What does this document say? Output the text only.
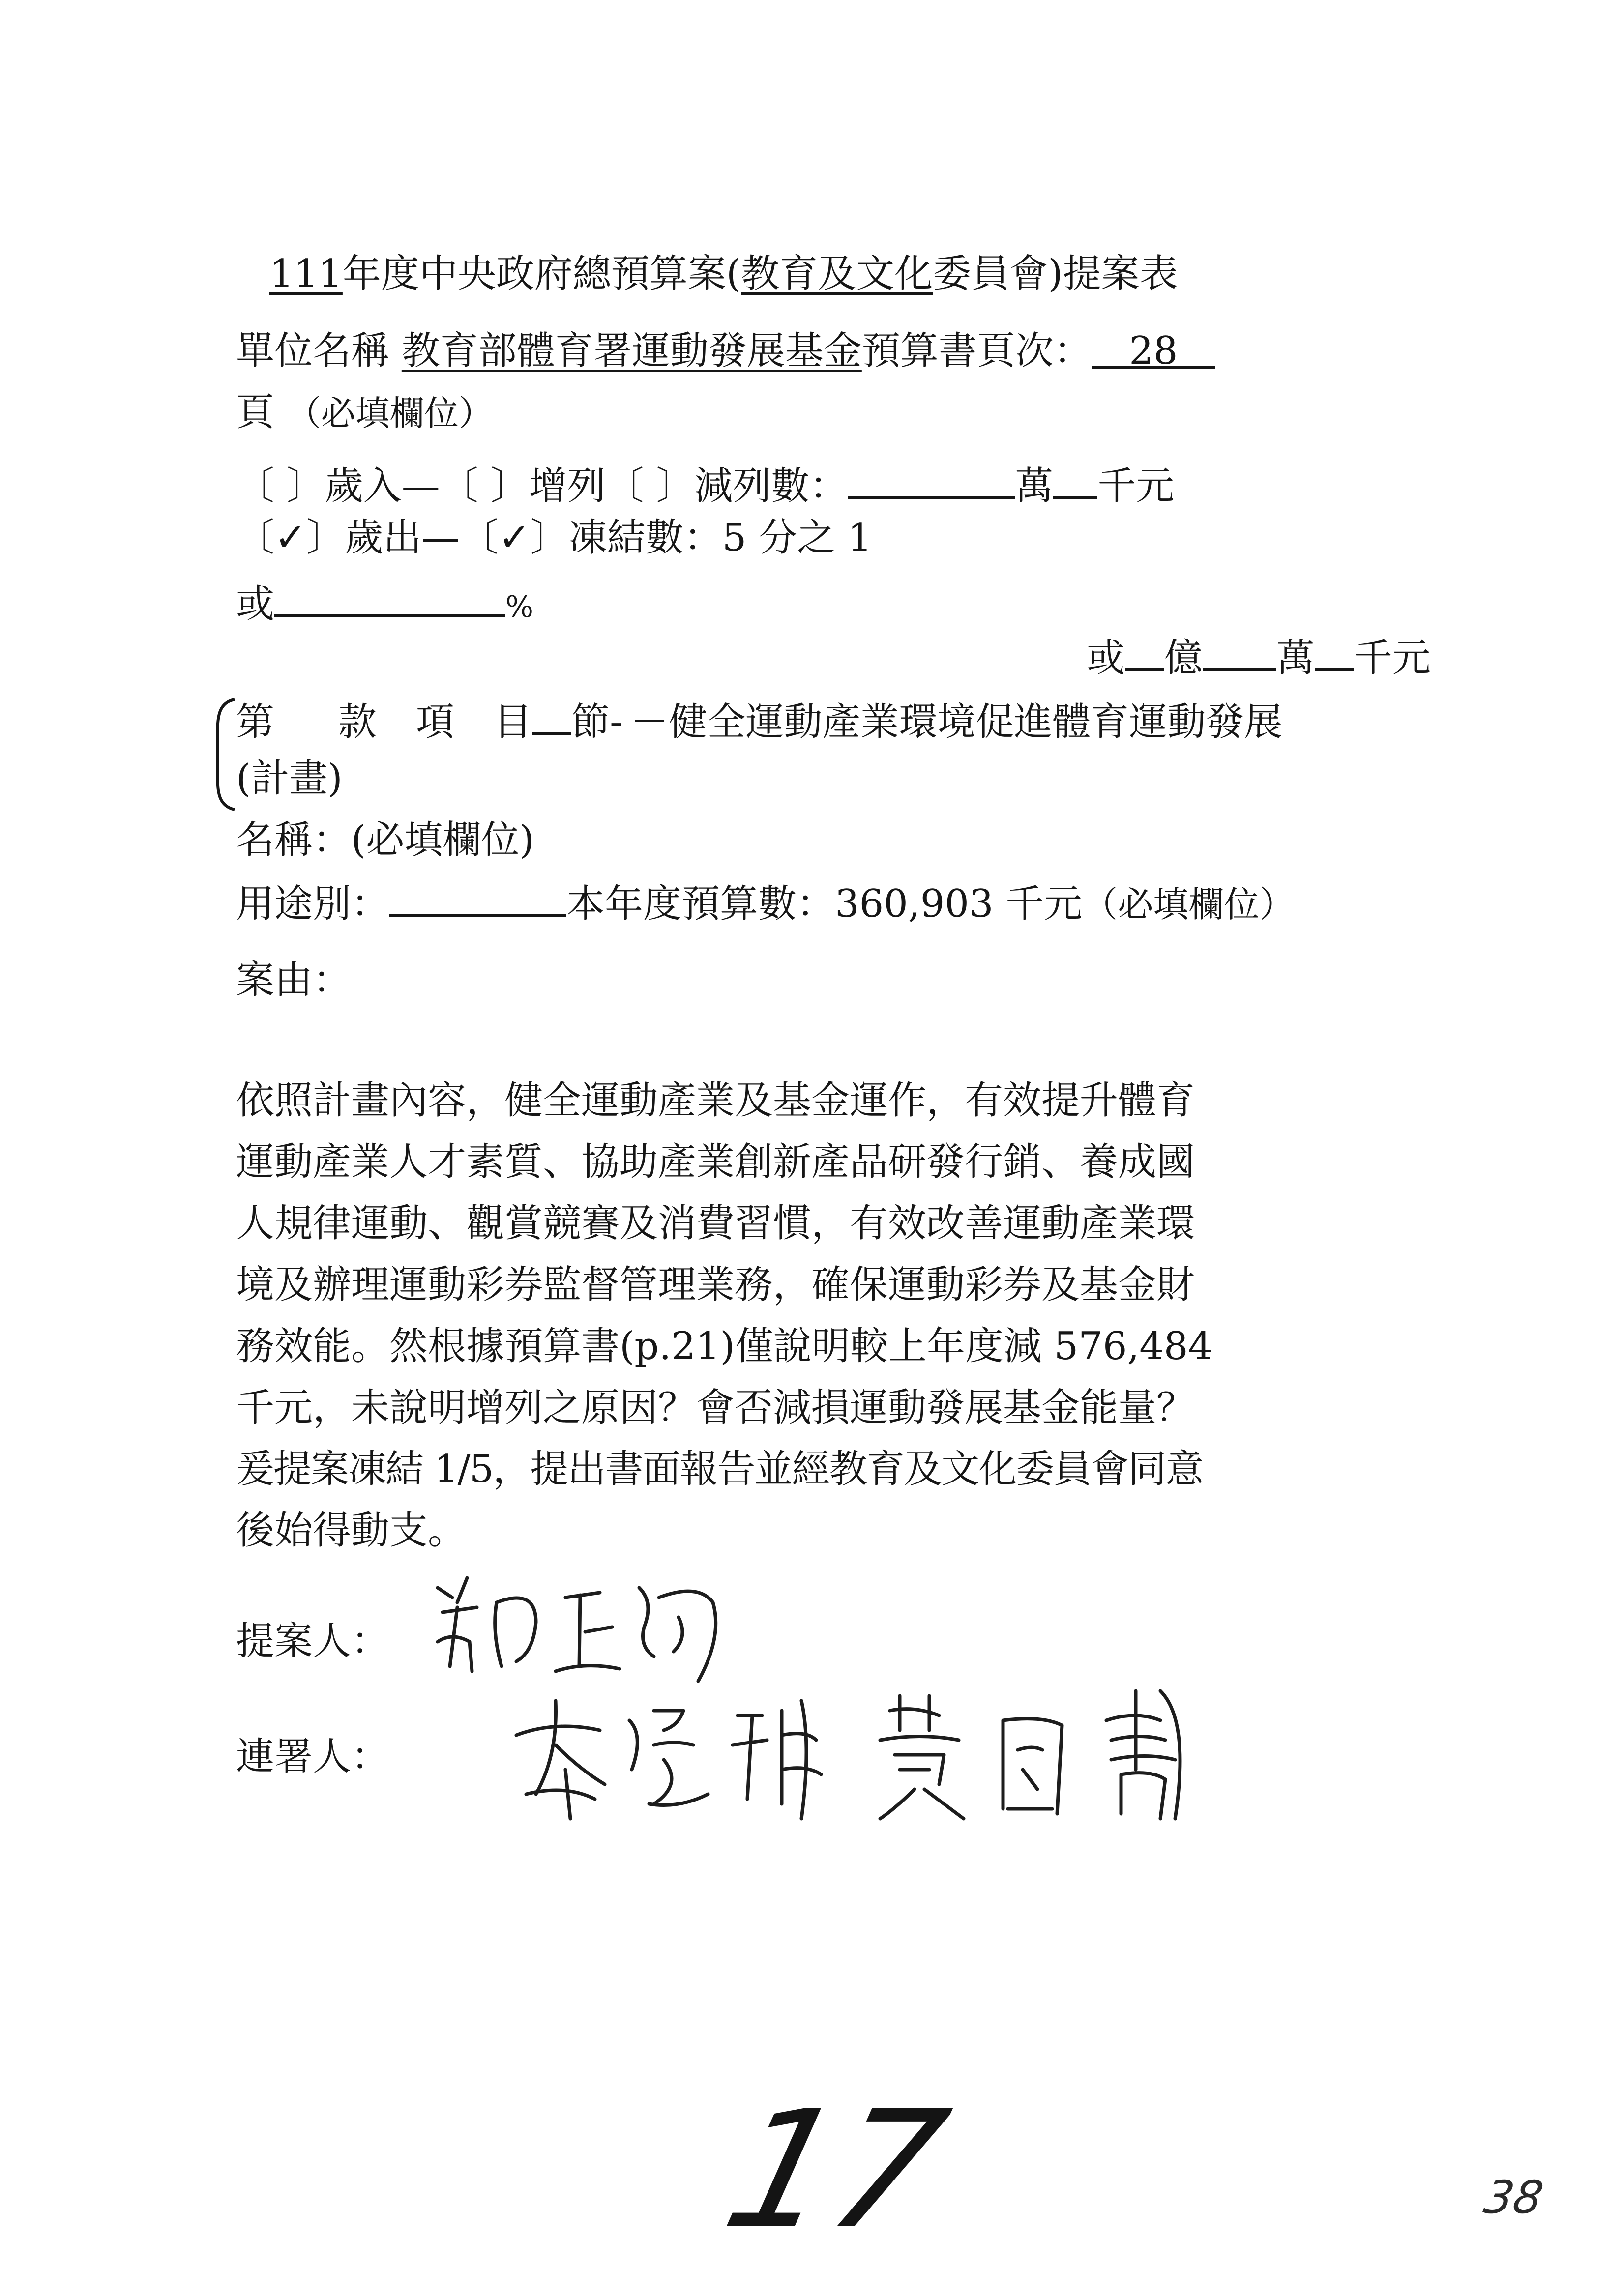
111年度中央政府總預算案(教育及文化委員會)提案表
單位名稱 教育部體育署運動發展基金預算書頁次： 28
頁 （必填欄位）
〔 〕歲入—〔 〕增列〔 〕減列數：	萬 千元
〔✓〕歲出—〔✓〕凍結數：5 分之 1
或	%
或 億 萬 千元
第 款 項 目 節- －健全運動產業環境促進體育運動發展
(計畫)
名稱：(必填欄位)
用途別：	本年度預算數：360,903 千元（必填欄位）
案由：
依照計畫內容，健全運動產業及基金運作，有效提升體育
運動產業人才素質、協助產業創新產品研發行銷、養成國
人規律運動、觀賞競賽及消費習慣，有效改善運動產業環
境及辦理運動彩券監督管理業務，確保運動彩券及基金財
務效能。然根據預算書(p.21)僅說明較上年度減 576,484
千元，未說明增列之原因？會否減損運動發展基金能量？
爰提案凍結 1/5，提出書面報告並經教育及文化委員會同意
後始得動支。
提案人：
連署人：
17	38
